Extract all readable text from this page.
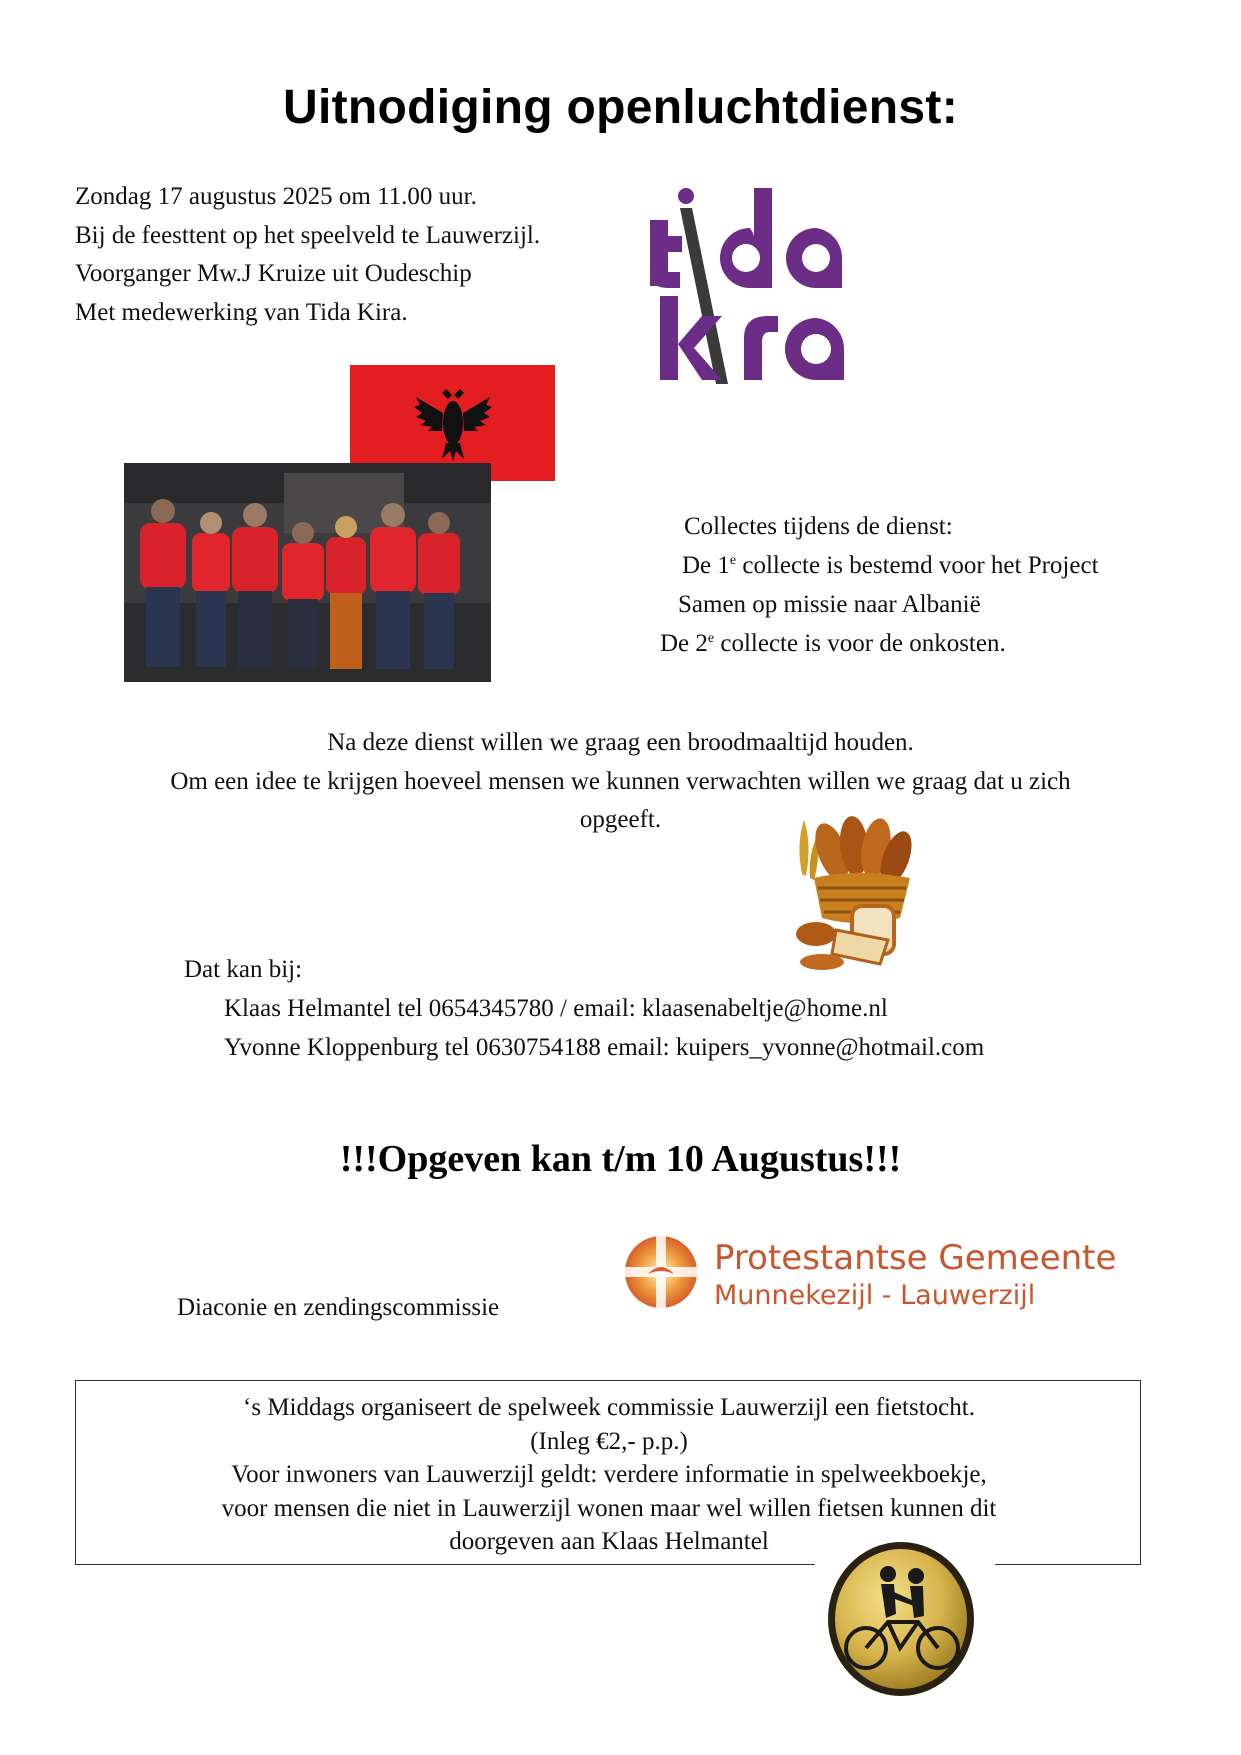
Uitnodiging openluchtdienst:
Zondag 17 augustus 2025 om 11.00 uur.
Bij de feesttent op het speelveld te Lauwerzijl.
Voorganger Mw.J Kruize uit Oudeschip
Met medewerking van Tida Kira.
Collectes tijdens de dienst:
De 1e collecte is bestemd voor het Project
Samen op missie naar Albanië
De 2e collecte is voor de onkosten.
Na deze dienst willen we graag een broodmaaltijd houden.
Om een idee te krijgen hoeveel mensen we kunnen verwachten willen we graag dat u zich
opgeeft.
Dat kan bij:
Klaas Helmantel tel 0654345780 / email: klaasenabeltje@home.nl
Yvonne Kloppenburg tel 0630754188 email: kuipers_yvonne@hotmail.com
!!!Opgeven kan t/m 10 Augustus!!!
Diaconie en zendingscommissie
Protestantse Gemeente
Munnekezijl - Lauwerzijl
‘s Middags organiseert de spelweek commissie Lauwerzijl een fietstocht.
(Inleg €2,- p.p.)
Voor inwoners van Lauwerzijl geldt: verdere informatie in spelweekboekje,
voor mensen die niet in Lauwerzijl wonen maar wel willen fietsen kunnen dit
doorgeven aan Klaas Helmantel
